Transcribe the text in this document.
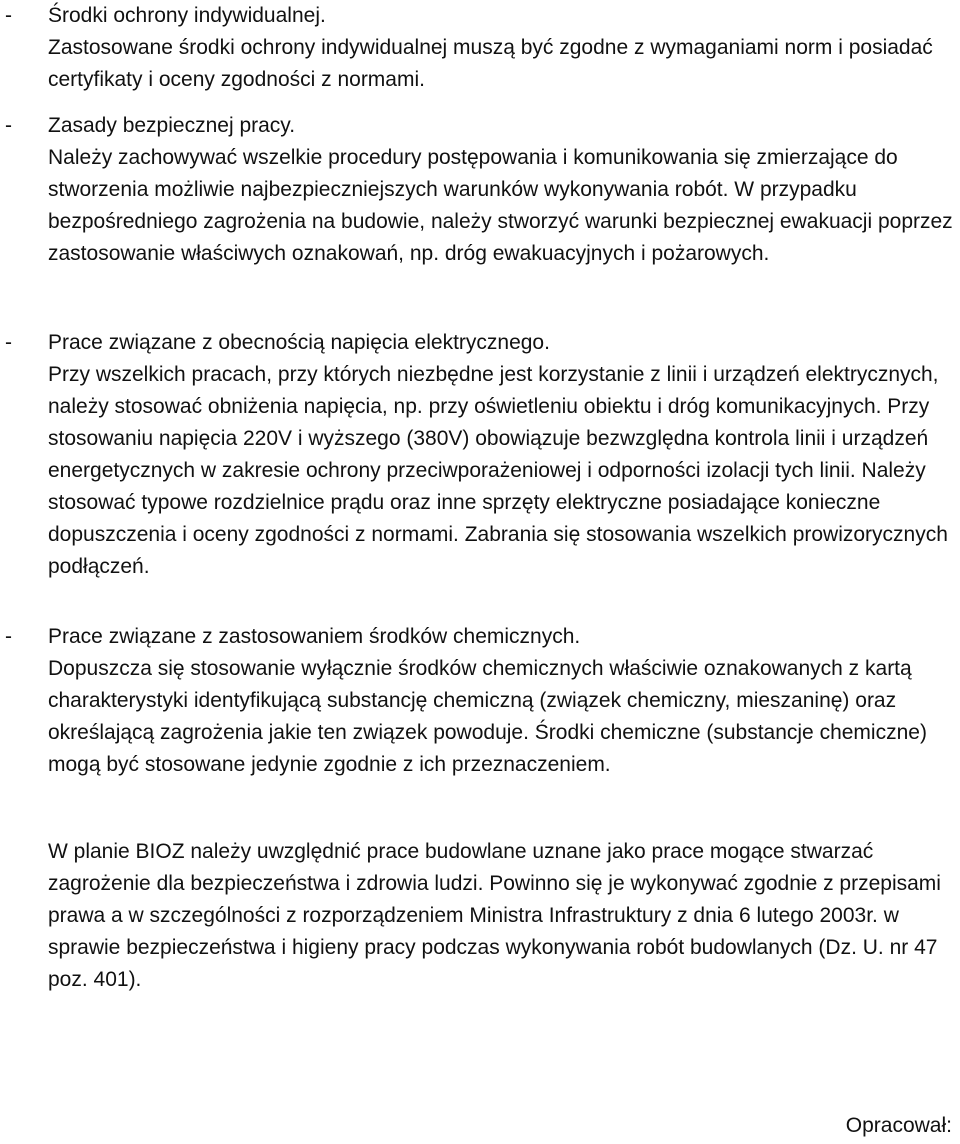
-	Środki ochrony indywidualnej.

Zastosowane środki ochrony indywidualnej muszą być zgodne z wymaganiami norm i posiadać certyfikaty i oceny zgodności z normami.

-	Zasady bezpiecznej pracy.

Należy zachowywać wszelkie procedury postępowania i komunikowania się zmierzające do stworzenia możliwie najbezpieczniejszych warunków wykonywania robót. W przypadku bezpośredniego zagrożenia na budowie, należy stworzyć warunki bezpiecznej ewakuacji poprzez zastosowanie właściwych oznakowań, np. dróg ewakuacyjnych i pożarowych.

-	Prace związane z obecnością napięcia elektrycznego.

Przy wszelkich pracach, przy których niezbędne jest korzystanie z linii i urządzeń elektrycznych, należy stosować obniżenia napięcia, np. przy oświetleniu obiektu i dróg komunikacyjnych. Przy stosowaniu napięcia 220V i wyższego (380V) obowiązuje bezwzględna kontrola linii i urządzeń energetycznych w zakresie ochrony przeciwporażeniowej i odporności izolacji tych linii. Należy stosować typowe rozdzielnice prądu oraz inne sprzęty elektryczne posiadające konieczne dopuszczenia i oceny zgodności z normami. Zabrania się stosowania wszelkich prowizorycznych podłączeń.

-	Prace związane z zastosowaniem środków chemicznych.

Dopuszcza się stosowanie wyłącznie środków chemicznych właściwie oznakowanych z kartą charakterystyki identyfikującą substancję chemiczną (związek chemiczny, mieszaninę) oraz określającą zagrożenia jakie ten związek powoduje. Środki chemiczne (substancje chemiczne) mogą być stosowane jedynie zgodnie z ich przeznaczeniem.

W planie BIOZ należy uwzględnić prace budowlane uznane jako prace mogące stwarzać zagrożenie dla bezpieczeństwa i zdrowia ludzi. Powinno się je wykonywać zgodnie z przepisami prawa a w szczególności z rozporządzeniem Ministra Infrastruktury z dnia 6 lutego 2003r. w sprawie bezpieczeństwa i higieny pracy podczas wykonywania robót budowlanych (Dz. U. nr 47 poz. 401).

Opracował:
